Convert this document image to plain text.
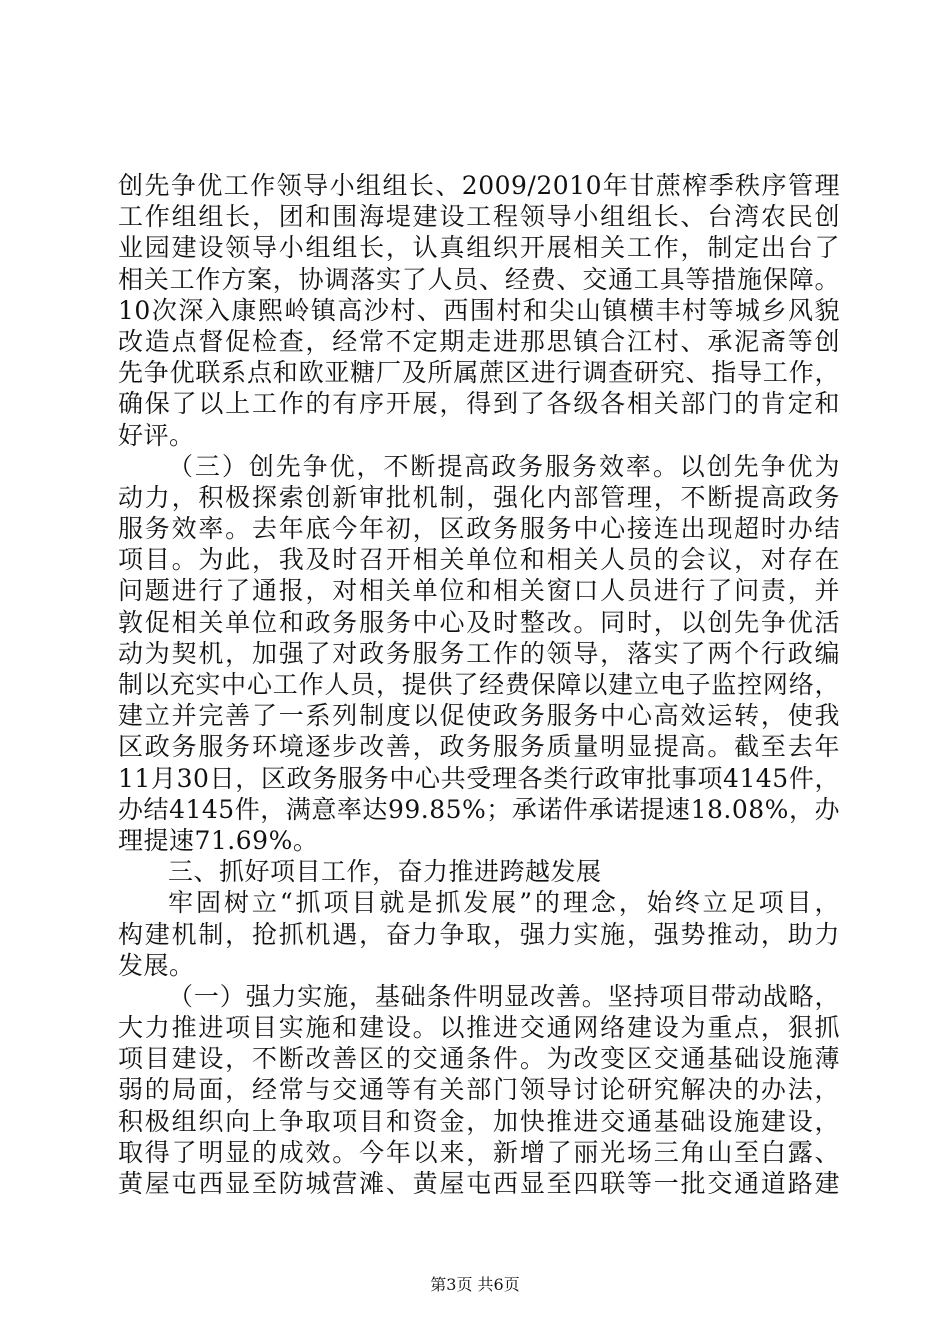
创先争优工作领导小组组长、2009/2010年甘蔗榨季秩序管理
工作组组长，团和围海堤建设工程领导小组组长、台湾农民创
业园建设领导小组组长，认真组织开展相关工作，制定出台了
相关工作方案，协调落实了人员、经费、交通工具等措施保障。
10次深入康熙岭镇高沙村、西围村和尖山镇横丰村等城乡风貌
改造点督促检查，经常不定期走进那思镇合江村、承泥斋等创
先争优联系点和欧亚糖厂及所属蔗区进行调查研究、指导工作，
确保了以上工作的有序开展，得到了各级各相关部门的肯定和
好评。
（三）创先争优，不断提高政务服务效率。以创先争优为
动力，积极探索创新审批机制，强化内部管理，不断提高政务
服务效率。去年底今年初，区政务服务中心接连出现超时办结
项目。为此，我及时召开相关单位和相关人员的会议，对存在
问题进行了通报，对相关单位和相关窗口人员进行了问责，并
敦促相关单位和政务服务中心及时整改。同时，以创先争优活
动为契机，加强了对政务服务工作的领导，落实了两个行政编
制以充实中心工作人员，提供了经费保障以建立电子监控网络，
建立并完善了一系列制度以促使政务服务中心高效运转，使我
区政务服务环境逐步改善，政务服务质量明显提高。截至去年
11月30日，区政务服务中心共受理各类行政审批事项4145件，
办结4145件，满意率达99.85%；承诺件承诺提速18.08%，办
理提速71.69%。
三、抓好项目工作，奋力推进跨越发展
牢固树立“抓项目就是抓发展”的理念，始终立足项目，
构建机制，抢抓机遇，奋力争取，强力实施，强势推动，助力
发展。
（一）强力实施，基础条件明显改善。坚持项目带动战略，
大力推进项目实施和建设。以推进交通网络建设为重点，狠抓
项目建设，不断改善区的交通条件。为改变区交通基础设施薄
弱的局面，经常与交通等有关部门领导讨论研究解决的办法，
积极组织向上争取项目和资金，加快推进交通基础设施建设，
取得了明显的成效。今年以来，新增了丽光场三角山至白露、
黄屋屯西显至防城营滩、黄屋屯西显至四联等一批交通道路建
第3页 共6页
